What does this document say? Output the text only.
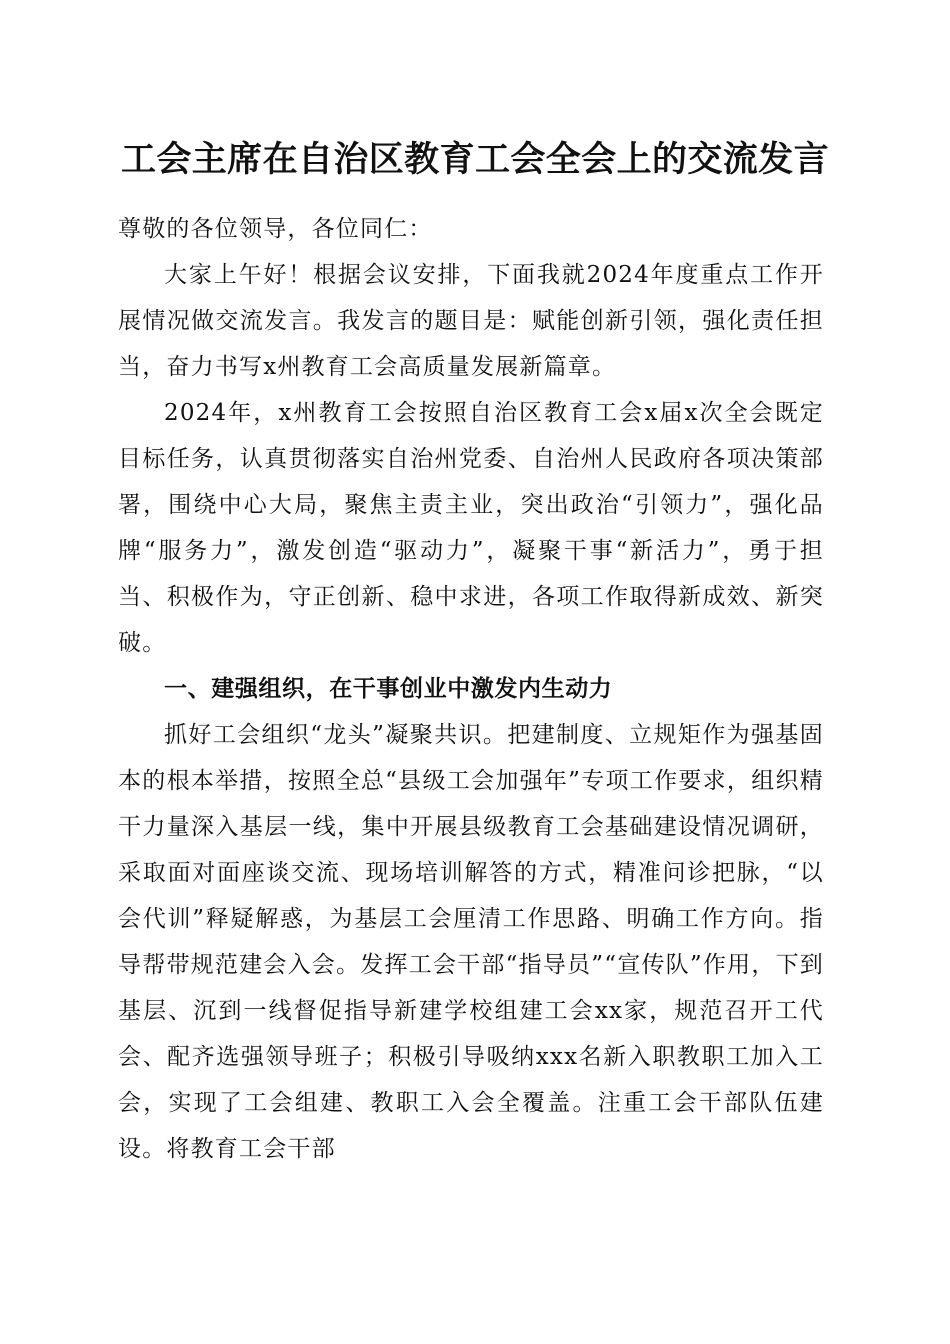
工会主席在自治区教育工会全会上的交流发言

尊敬的各位领导，各位同仁：

大家上午好！根据会议安排，下面我就2024年度重点工作开展情况做交流发言。我发言的题目是：赋能创新引领，强化责任担当，奋力书写x州教育工会高质量发展新篇章。

2024年，x州教育工会按照自治区教育工会x届x次全会既定目标任务，认真贯彻落实自治州党委、自治州人民政府各项决策部署，围绕中心大局，聚焦主责主业，突出政治“引领力”，强化品牌“服务力”，激发创造“驱动力”，凝聚干事“新活力”，勇于担当、积极作为，守正创新、稳中求进，各项工作取得新成效、新突破。

一、建强组织，在干事创业中激发内生动力

抓好工会组织“龙头”凝聚共识。把建制度、立规矩作为强基固本的根本举措，按照全总“县级工会加强年”专项工作要求，组织精干力量深入基层一线，集中开展县级教育工会基础建设情况调研，采取面对面座谈交流、现场培训解答的方式，精准问诊把脉，“以会代训”释疑解惑，为基层工会厘清工作思路、明确工作方向。指导帮带规范建会入会。发挥工会干部“指导员”“宣传队”作用，下到基层、沉到一线督促指导新建学校组建工会xx家，规范召开工代会、配齐选强领导班子；积极引导吸纳xxx名新入职教职工加入工会，实现了工会组建、教职工入会全覆盖。注重工会干部队伍建设。将教育工会干部
